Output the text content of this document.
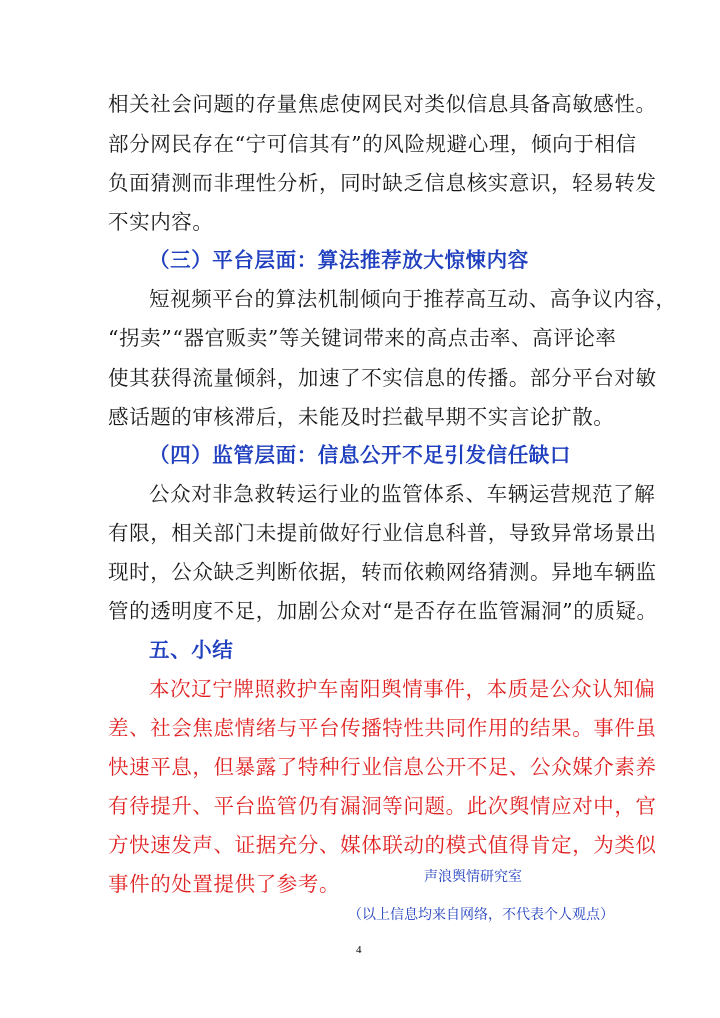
相关社会问题的存量焦虑使网民对类似信息具备高敏感性。
部分网民存在“宁可信其有”的风险规避心理，倾向于相信
负面猜测而非理性分析，同时缺乏信息核实意识，轻易转发
不实内容。
（三）平台层面：算法推荐放大惊悚内容
短视频平台的算法机制倾向于推荐高互动、高争议内容，
“拐卖”“器官贩卖”等关键词带来的高点击率、高评论率
使其获得流量倾斜，加速了不实信息的传播。部分平台对敏
感话题的审核滞后，未能及时拦截早期不实言论扩散。
（四）监管层面：信息公开不足引发信任缺口
公众对非急救转运行业的监管体系、车辆运营规范了解
有限，相关部门未提前做好行业信息科普，导致异常场景出
现时，公众缺乏判断依据，转而依赖网络猜测。异地车辆监
管的透明度不足，加剧公众对“是否存在监管漏洞”的质疑。
五、小结
本次辽宁牌照救护车南阳舆情事件，本质是公众认知偏
差、社会焦虑情绪与平台传播特性共同作用的结果。事件虽
快速平息，但暴露了特种行业信息公开不足、公众媒介素养
有待提升、平台监管仍有漏洞等问题。此次舆情应对中，官
方快速发声、证据充分、媒体联动的模式值得肯定，为类似
事件的处置提供了参考。	声浪舆情研究室
（以上信息均来自网络，不代表个人观点）
4
